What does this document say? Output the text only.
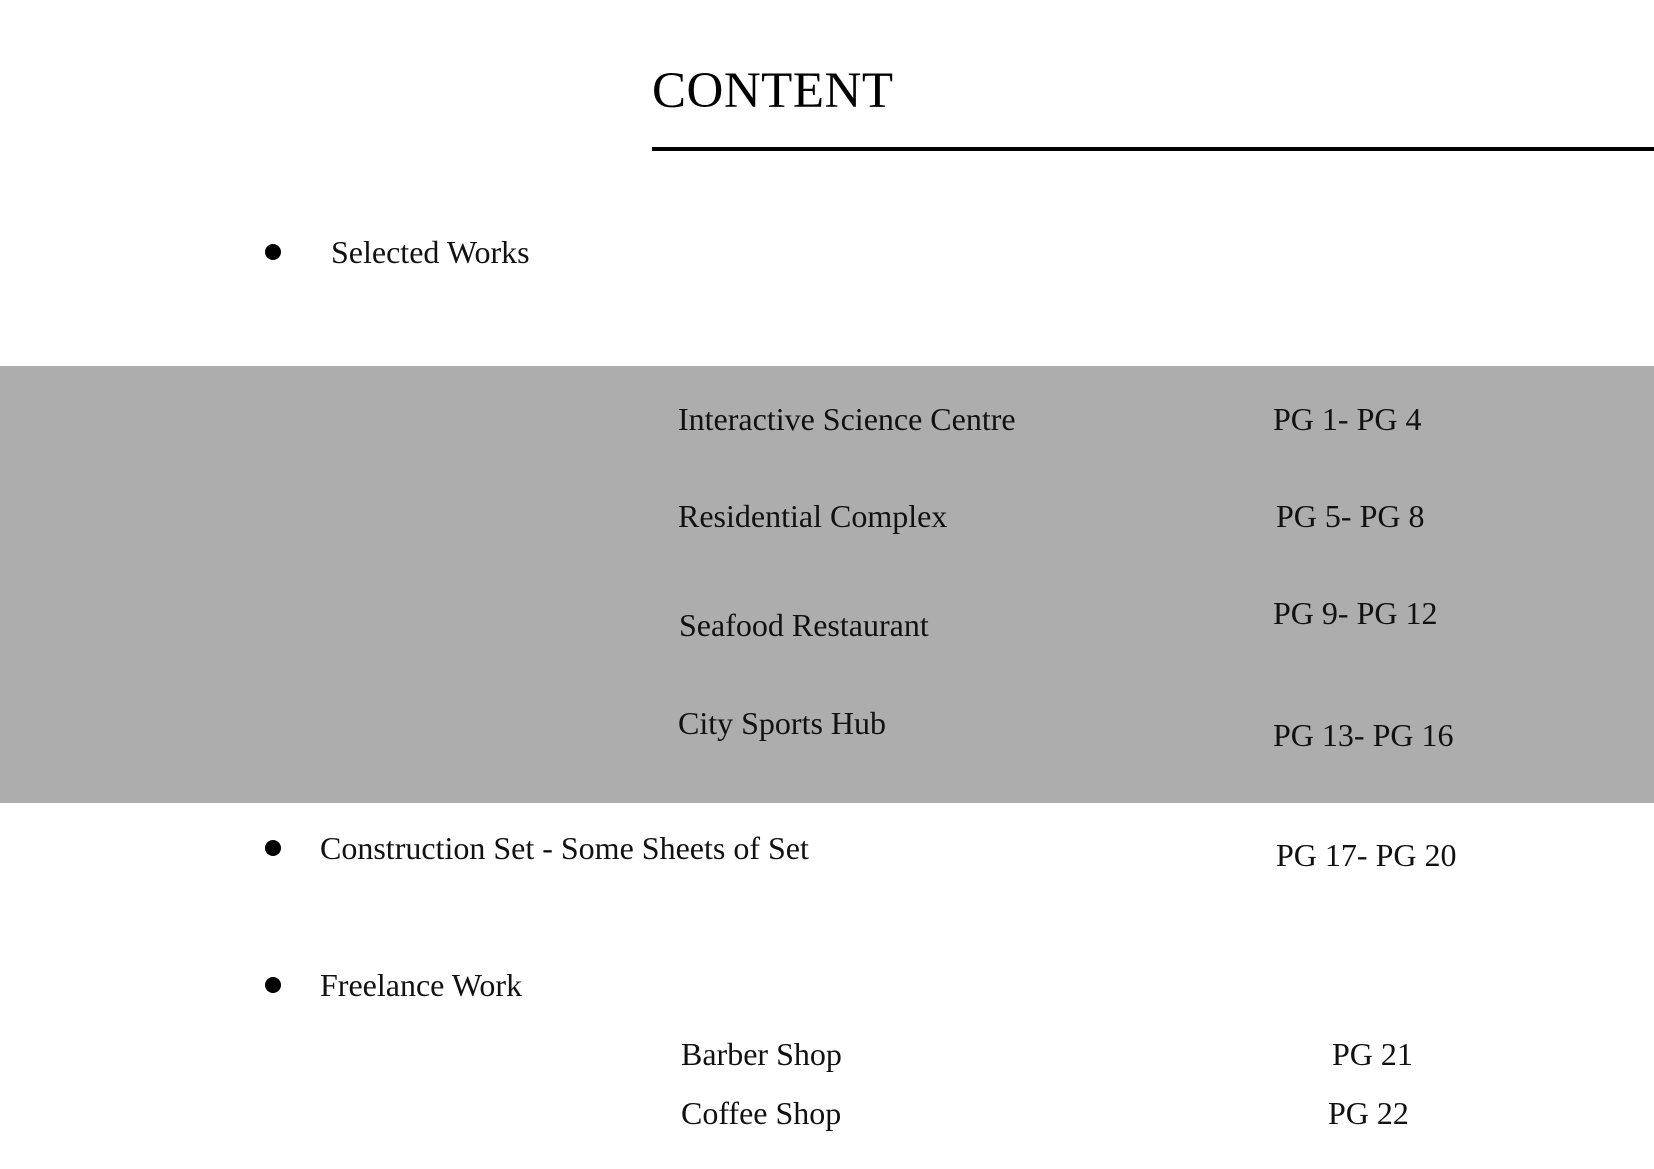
CONTENT
Selected Works
Interactive Science Centre	PG 1- PG 4
Residential Complex	PG 5- PG 8
Seafood Restaurant	PG 9- PG 12
City Sports Hub	PG 13- PG 16
Construction Set - Some Sheets of Set	PG 17- PG 20
Freelance Work
Barber Shop	PG 21
Coffee Shop	PG 22
